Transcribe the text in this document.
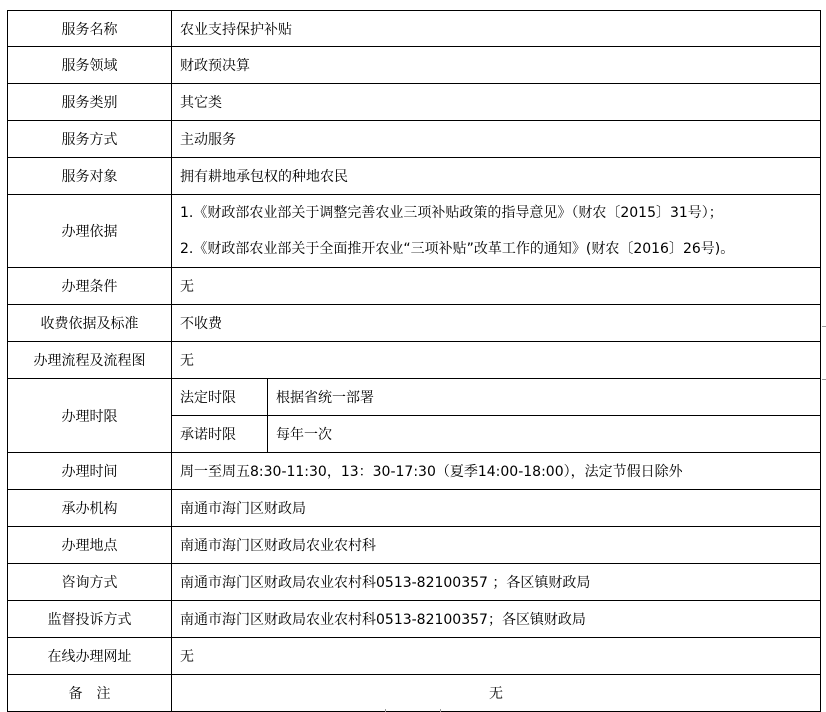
服务名称	农业支持保护补贴	
服务领域	财政预决算	
服务类别	其它类	
服务方式	主动服务	
服务对象	拥有耕地承包权的种地农民	
办理依据	1.《财政部农业部关于调整完善农业三项补贴政策的指导意见》（财农〔2015〕31号）；
2.《财政部农业部关于全面推开农业“三项补贴”改革工作的通知》(财农〔2016〕26号)。	

办理条件	无	
收费依据及标准	不收费	
办理流程及流程图	无	
办理时限	法定时限	根据省统一部署
	承诺时限	每年一次
办理时间	周一至周五8:30-11:30，13：30-17:30（夏季14:00-18:00），法定节假日除外	
承办机构	南通市海门区财政局	
办理地点	南通市海门区财政局农业农村科	
咨询方式	南通市海门区财政局农业农村科0513-82100357 ；各区镇财政局	
监督投诉方式	南通市海门区财政局农业农村科0513-82100357；各区镇财政局	
在线办理网址	无	
备　注	无	
